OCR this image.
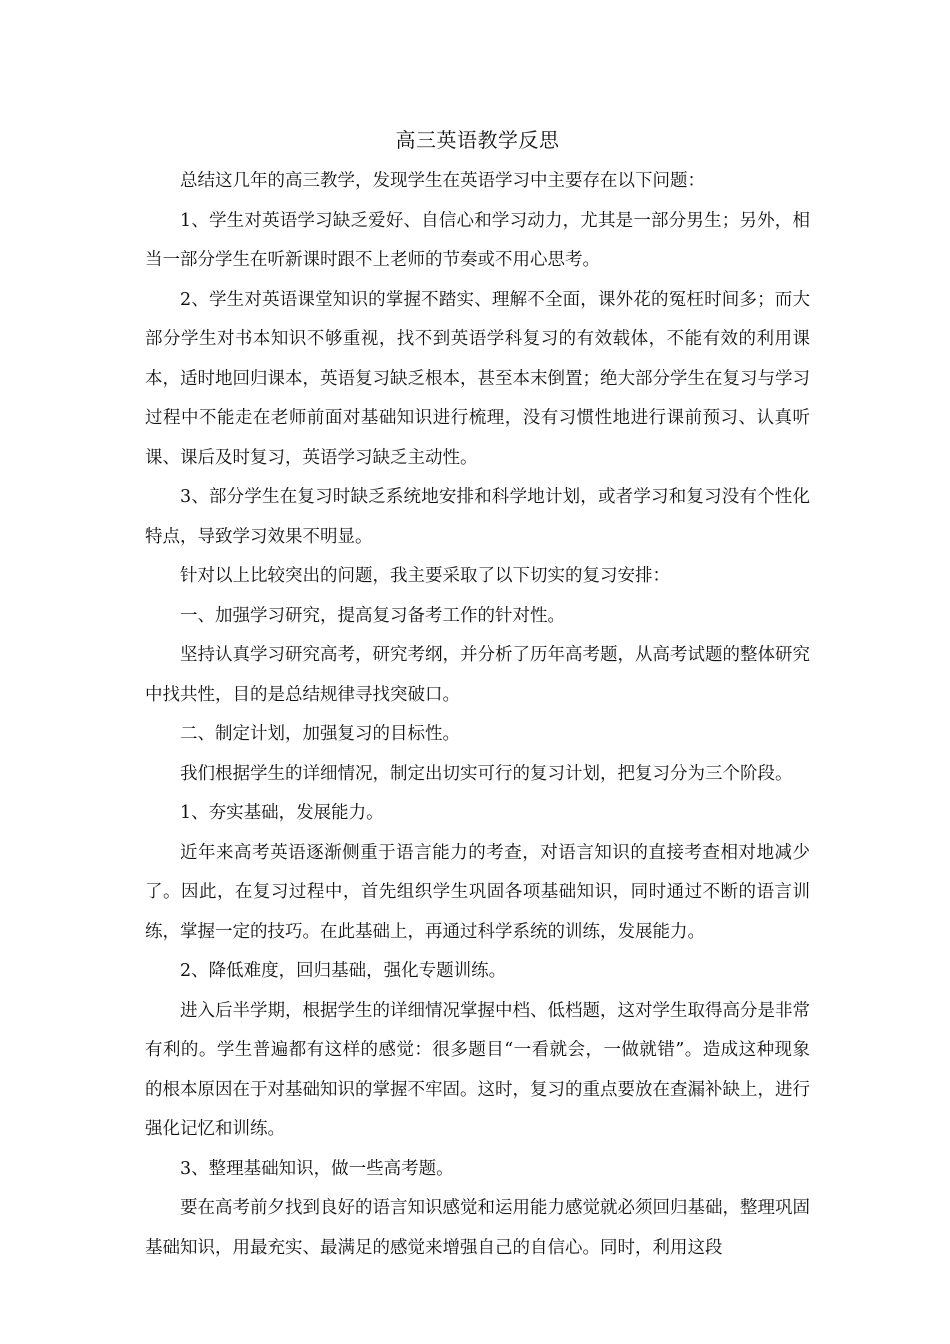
高三英语教学反思

总结这几年的高三教学，发现学生在英语学习中主要存在以下问题：

1、学生对英语学习缺乏爱好、自信心和学习动力，尤其是一部分男生；另外，相当一部分学生在听新课时跟不上老师的节奏或不用心思考。

2、学生对英语课堂知识的掌握不踏实、理解不全面，课外花的冤枉时间多；而大部分学生对书本知识不够重视，找不到英语学科复习的有效载体，不能有效的利用课本，适时地回归课本，英语复习缺乏根本，甚至本末倒置；绝大部分学生在复习与学习过程中不能走在老师前面对基础知识进行梳理，没有习惯性地进行课前预习、认真听课、课后及时复习，英语学习缺乏主动性。

3、部分学生在复习时缺乏系统地安排和科学地计划，或者学习和复习没有个性化特点，导致学习效果不明显。

针对以上比较突出的问题，我主要采取了以下切实的复习安排：

一、加强学习研究，提高复习备考工作的针对性。

坚持认真学习研究高考，研究考纲，并分析了历年高考题，从高考试题的整体研究中找共性，目的是总结规律寻找突破口。

二、制定计划，加强复习的目标性。

我们根据学生的详细情况，制定出切实可行的复习计划，把复习分为三个阶段。

1、夯实基础，发展能力。

近年来高考英语逐渐侧重于语言能力的考查，对语言知识的直接考查相对地减少了。因此，在复习过程中，首先组织学生巩固各项基础知识，同时通过不断的语言训练，掌握一定的技巧。在此基础上，再通过科学系统的训练，发展能力。

2、降低难度，回归基础，强化专题训练。

进入后半学期，根据学生的详细情况掌握中档、低档题，这对学生取得高分是非常有利的。学生普遍都有这样的感觉：很多题目“一看就会，一做就错”。造成这种现象的根本原因在于对基础知识的掌握不牢固。这时，复习的重点要放在查漏补缺上，进行强化记忆和训练。

3、整理基础知识，做一些高考题。

要在高考前夕找到良好的语言知识感觉和运用能力感觉就必须回归基础，整理巩固基础知识，用最充实、最满足的感觉来增强自己的自信心。同时，利用这段
